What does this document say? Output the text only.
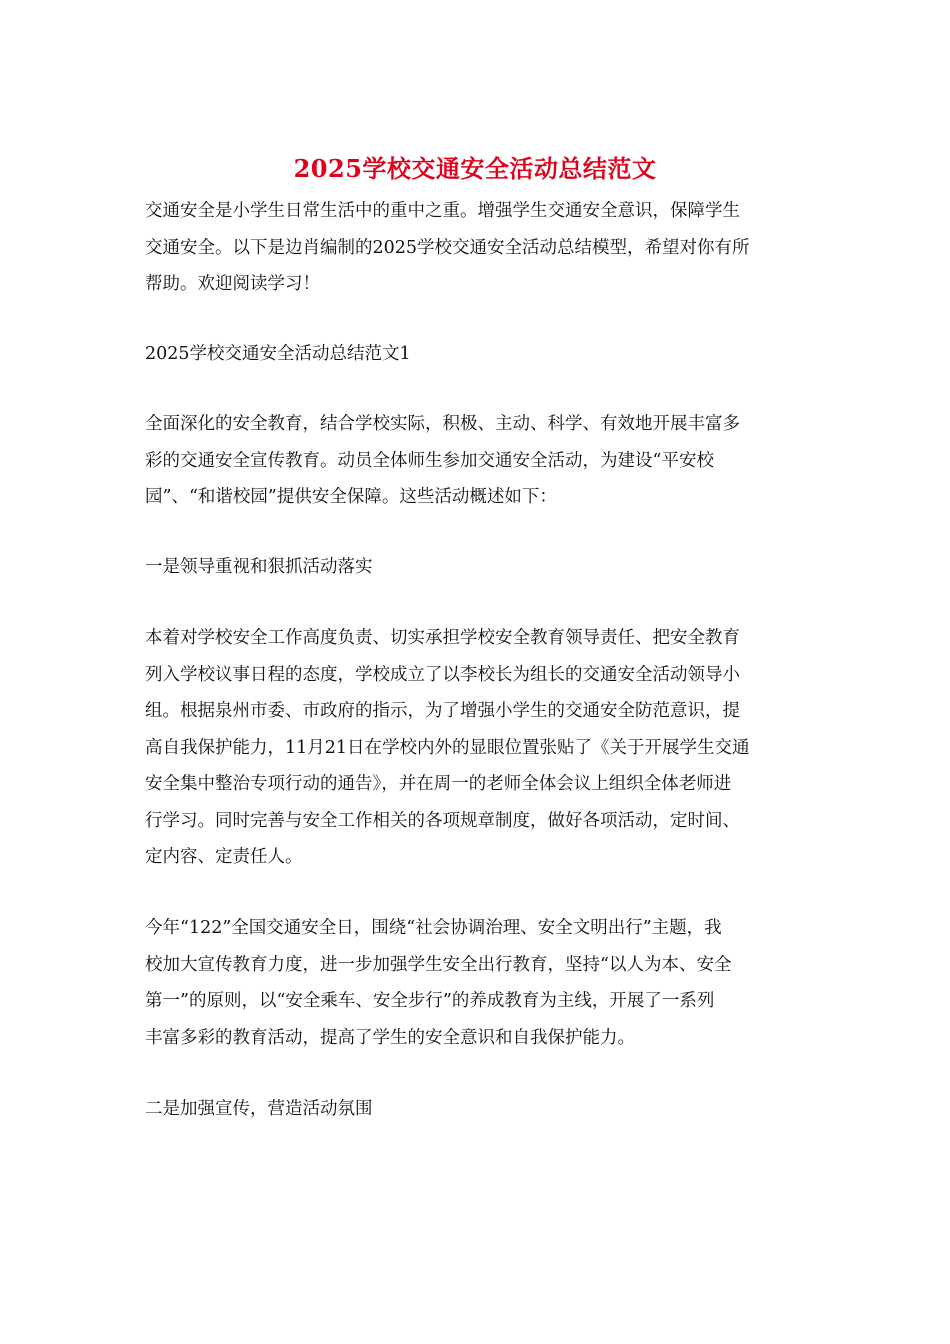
2025学校交通安全活动总结范文
交通安全是小学生日常生活中的重中之重。增强学生交通安全意识，保障学生
交通安全。以下是边肖编制的2025学校交通安全活动总结模型，希望对你有所
帮助。欢迎阅读学习！
2025学校交通安全活动总结范文1
全面深化的安全教育，结合学校实际，积极、主动、科学、有效地开展丰富多
彩的交通安全宣传教育。动员全体师生参加交通安全活动，为建设“平安校
园”、“和谐校园”提供安全保障。这些活动概述如下：
一是领导重视和狠抓活动落实
本着对学校安全工作高度负责、切实承担学校安全教育领导责任、把安全教育
列入学校议事日程的态度，学校成立了以李校长为组长的交通安全活动领导小
组。根据泉州市委、市政府的指示，为了增强小学生的交通安全防范意识，提
高自我保护能力，11月21日在学校内外的显眼位置张贴了《关于开展学生交通
安全集中整治专项行动的通告》，并在周一的老师全体会议上组织全体老师进
行学习。同时完善与安全工作相关的各项规章制度，做好各项活动，定时间、
定内容、定责任人。
今年“122”全国交通安全日，围绕“社会协调治理、安全文明出行”主题，我
校加大宣传教育力度，进一步加强学生安全出行教育，坚持“以人为本、安全
第一”的原则，以“安全乘车、安全步行”的养成教育为主线，开展了一系列
丰富多彩的教育活动，提高了学生的安全意识和自我保护能力。
二是加强宣传，营造活动氛围
